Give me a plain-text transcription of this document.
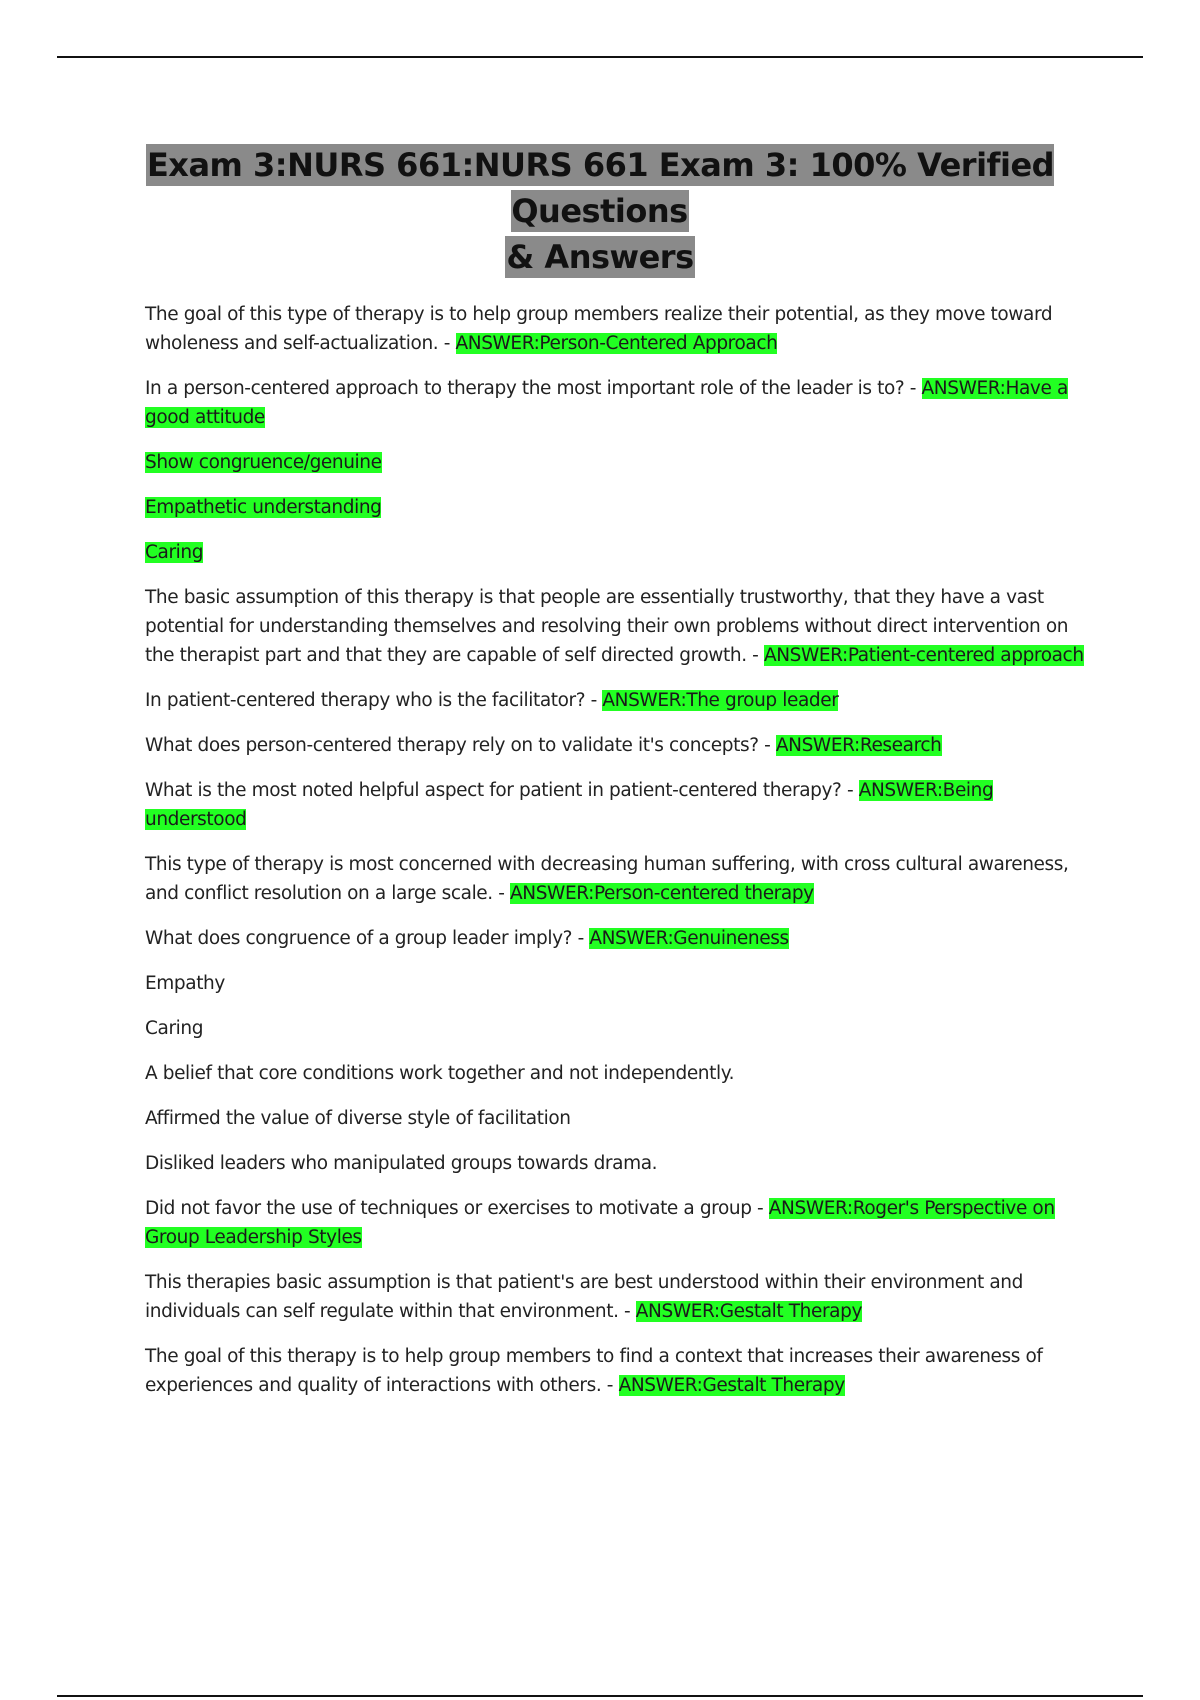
Exam 3:NURS 661:NURS 661 Exam 3: 100% Verified Questions
& Answers

The goal of this type of therapy is to help group members realize their potential, as they move toward wholeness and self-actualization. - ANSWER:Person-Centered Approach

In a person-centered approach to therapy the most important role of the leader is to? - ANSWER:Have a good attitude

Show congruence/genuine

Empathetic understanding

Caring

The basic assumption of this therapy is that people are essentially trustworthy, that they have a vast potential for understanding themselves and resolving their own problems without direct intervention on the therapist part and that they are capable of self directed growth. - ANSWER:Patient-centered approach

In patient-centered therapy who is the facilitator? - ANSWER:The group leader

What does person-centered therapy rely on to validate it's concepts? - ANSWER:Research

What is the most noted helpful aspect for patient in patient-centered therapy? - ANSWER:Being understood

This type of therapy is most concerned with decreasing human suffering, with cross cultural awareness, and conflict resolution on a large scale. - ANSWER:Person-centered therapy

What does congruence of a group leader imply? - ANSWER:Genuineness

Empathy

Caring

A belief that core conditions work together and not independently.

Affirmed the value of diverse style of facilitation

Disliked leaders who manipulated groups towards drama.

Did not favor the use of techniques or exercises to motivate a group - ANSWER:Roger's Perspective on Group Leadership Styles

This therapies basic assumption is that patient's are best understood within their environment and individuals can self regulate within that environment. - ANSWER:Gestalt Therapy

The goal of this therapy is to help group members to find a context that increases their awareness of experiences and quality of interactions with others. - ANSWER:Gestalt Therapy
